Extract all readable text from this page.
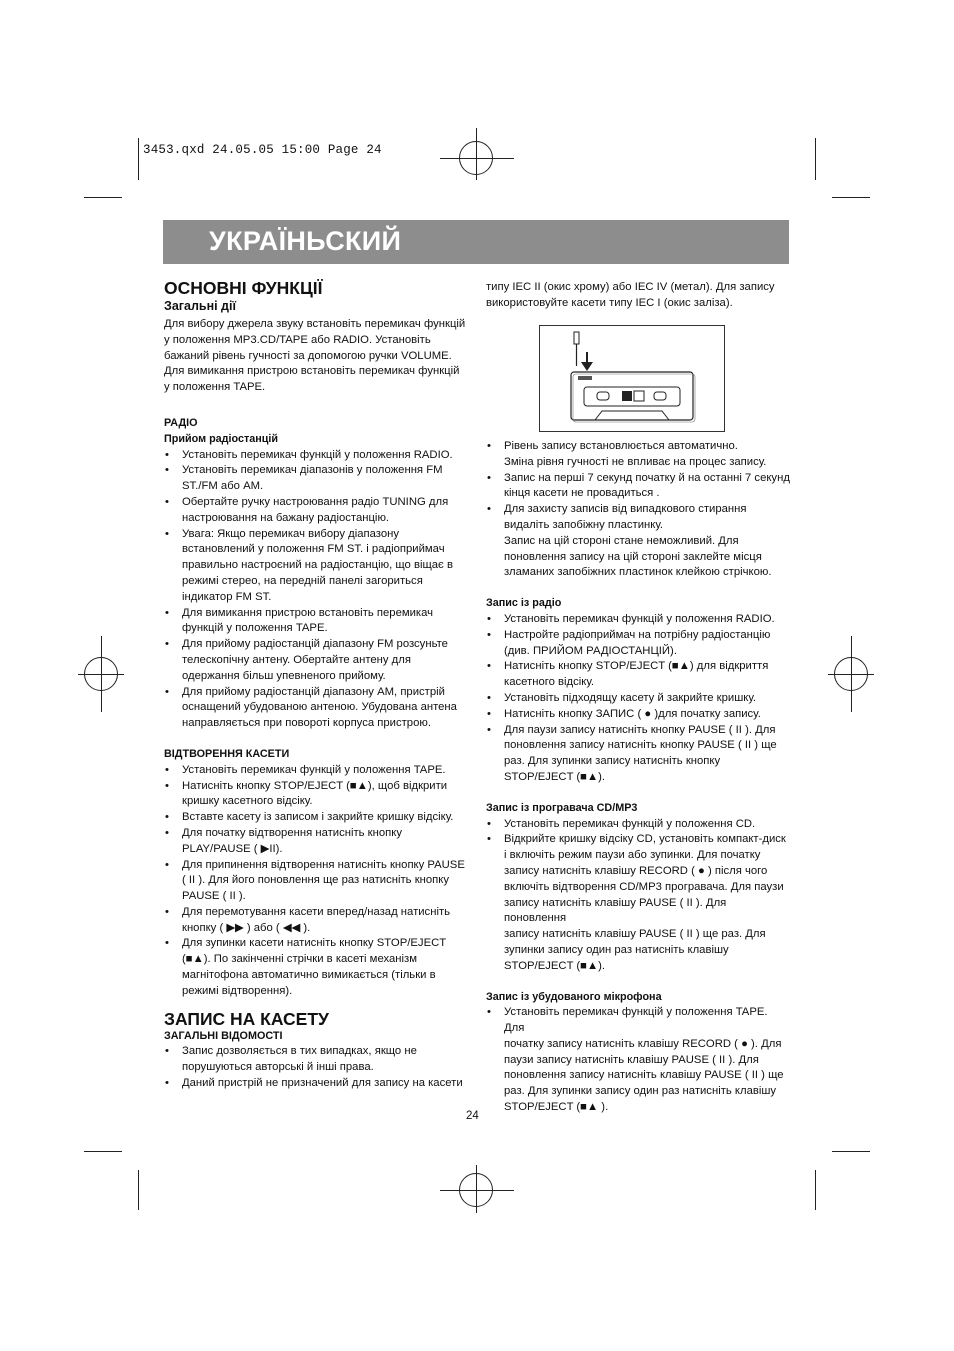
3453.qxd 24.05.05 15:00 Page 24
УКРАЇНЬСКИЙ
ОСНОВНІ ФУНКЦІЇ
Загальні дії

Для вибору джерела звуку встановіть перемикач функцій

у положення MP3.CD/TAPE або RADIO. Установіть

бажаний рівень гучності за допомогою ручки VOLUME.

Для вимикання пристрою встановіть перемикач функцій

у положення TAPE.

РАДІО

Прийом радіостанцій

• Установіть перемикач функцій у положення RADIO.
• Установіть перемикач діапазонів у положення FM
ST./FM або AM.
• Обертайте ручку настроювання радіо TUNING для
настроювання на бажану радіостанцію.
• Увага: Якщо перемикач вибору діапазону
встановлений у положення FM ST. і радіоприймач
правильно настроєний на радіостанцію, що віщає в
режимі стерео, на передній панелі загориться
індикатор FM ST.
• Для вимикання пристрою встановіть перемикач
функцій у положення TAPE.
• Для прийому радіостанцій діапазону FM розсуньте
телескопічну антену. Обертайте антену для
одержання більш упевненого прийому.
• Для прийому радіостанцій діапазону AM, пристрій
оснащений убудованою антеною. Убудована антена
направляється при повороті корпуса пристрою.

ВІДТВОРЕННЯ КАСЕТИ

• Установіть перемикач функцій у положення TAPE.
• Натисніть кнопку STOP/EJECT (■▲), щоб відкрити
кришку касетного відсіку.
• Вставте касету із записом і закрийте кришку відсіку.
• Для початку відтворення натисніть кнопку
PLAY/PAUSE ( ▶II).
• Для припинення відтворення натисніть кнопку PAUSE
( II ). Для його поновлення ще раз натисніть кнопку
PAUSE ( II ).
• Для перемотування касети вперед/назад натисніть
кнопку ( ▶▶ ) або ( ◀◀ ).
• Для зупинки касети натисніть кнопку STOP/EJECT
(■▲). По закінченні стрічки в касеті механізм
магнітофона автоматично вимикається (тільки в
режимі відтворення).
ЗАПИС НА КАСЕТУ

ЗАГАЛЬНІ ВІДОМОСТІ

• Запис дозволяється в тих випадках, якщо не
порушуються авторські й інші права.
• Даний пристрій не призначений для запису на касети

типу IEC II (окис хрому) або IEC IV (метал). Для запису

використовуйте касети типу IEC I (окис заліза).

• Рівень запису встановлюється автоматично.
Зміна рівня гучності не впливає на процес запису.
• Запис на перші 7 секунд початку й на останні 7 секунд
кінця касети не провадиться .
• Для захисту записів від випадкового стирання
видаліть запобіжну пластинку.
Запис на цій стороні стане неможливий. Для
поновлення запису на цій стороні заклейте місця
зламаних запобіжних пластинок клейкою стрічкою.

Запис із радіо

• Установіть перемикач функцій у положення RADIO.
• Настройте радіоприймач на потрібну радіостанцію
(див. ПРИЙОМ РАДІОСТАНЦІЙ).
• Натисніть кнопку STOP/EJECT (■▲) для відкриття
касетного відсіку.
• Установіть підходящу касету й закрийте кришку.
• Натисніть кнопку ЗАПИС ( ● )для початку запису.
• Для паузи запису натисніть кнопку PAUSE ( II ). Для
поновлення запису натисніть кнопку PAUSE ( II ) ще
раз. Для зупинки запису натисніть кнопку
STOP/EJECT (■▲).

Запис із програвача CD/MP3

• Установіть перемикач функцій у положення CD.
• Відкрийте кришку відсіку CD, установіть компакт-диск
і включіть режим паузи або зупинки. Для початку
запису натисніть клавішу RECORD ( ● ) після чого
включіть відтворення CD/MP3 програвача. Для паузи
запису натисніть клавішу PAUSE ( II ). Для поновлення
запису натисніть клавішу PAUSE ( II ) ще раз. Для
зупинки запису один раз натисніть клавішу
STOP/EJECT (■▲).

Запис із убудованого мікрофона

• Установіть перемикач функцій у положення TAPE. Для
початку запису натисніть клавішу RECORD ( ● ). Для
паузи запису натисніть клавішу PAUSE ( II ). Для
поновлення запису натисніть клавішу PAUSE ( II ) ще
раз. Для зупинки запису один раз натисніть клавішу
STOP/EJECT (■▲ ).
24
